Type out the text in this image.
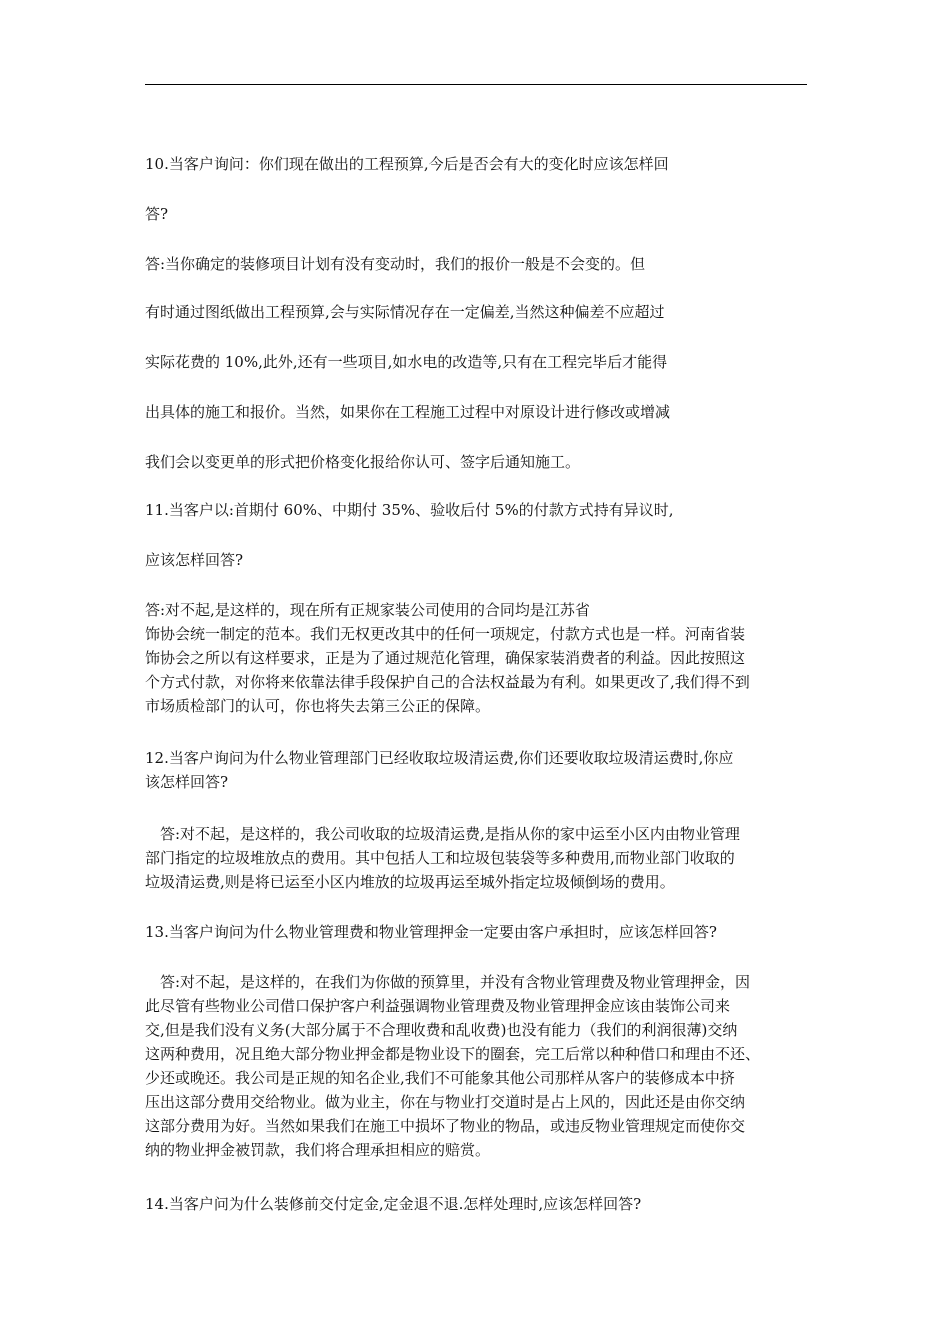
10.当客户询问：你们现在做出的工程预算,今后是否会有大的变化时应该怎样回
答?
答:当你确定的装修项目计划有没有变动时，我们的报价一般是不会变的。但
有时通过图纸做出工程预算,会与实际情况存在一定偏差,当然这种偏差不应超过
实际花费的 10%,此外,还有一些项目,如水电的改造等,只有在工程完毕后才能得
出具体的施工和报价。当然，如果你在工程施工过程中对原设计进行修改或增减
我们会以变更单的形式把价格变化报给你认可、签字后通知施工。
11.当客户以:首期付 60%、中期付 35%、验收后付 5%的付款方式持有异议时,
应该怎样回答?
答:对不起,是这样的，现在所有正规家装公司使用的合同均是江苏省
饰协会统一制定的范本。我们无权更改其中的任何一项规定，付款方式也是一样。河南省装
饰协会之所以有这样要求，正是为了通过规范化管理，确保家装消费者的利益。因此按照这
个方式付款，对你将来依靠法律手段保护自己的合法权益最为有利。如果更改了,我们得不到
市场质检部门的认可，你也将失去第三公正的保障。
12.当客户询问为什么物业管理部门已经收取垃圾清运费,你们还要收取垃圾清运费时,你应
该怎样回答?
　答:对不起，是这样的，我公司收取的垃圾清运费,是指从你的家中运至小区内由物业管理
部门指定的垃圾堆放点的费用。其中包括人工和垃圾包装袋等多种费用,而物业部门收取的
垃圾清运费,则是将已运至小区内堆放的垃圾再运至城外指定垃圾倾倒场的费用。
13.当客户询问为什么物业管理费和物业管理押金一定要由客户承担时，应该怎样回答?
　答:对不起，是这样的，在我们为你做的预算里，并没有含物业管理费及物业管理押金，因
此尽管有些物业公司借口保护客户利益强调物业管理费及物业管理押金应该由装饰公司来
交,但是我们没有义务(大部分属于不合理收费和乱收费)也没有能力（我们的利润很薄)交纳
这两种费用，况且绝大部分物业押金都是物业设下的圈套，完工后常以种种借口和理由不还、
少还或晚还。我公司是正规的知名企业,我们不可能象其他公司那样从客户的装修成本中挤
压出这部分费用交给物业。做为业主，你在与物业打交道时是占上风的，因此还是由你交纳
这部分费用为好。当然如果我们在施工中损坏了物业的物品，或违反物业管理规定而使你交
纳的物业押金被罚款，我们将合理承担相应的赔赏。
14.当客户问为什么装修前交付定金,定金退不退.怎样处理时,应该怎样回答?
